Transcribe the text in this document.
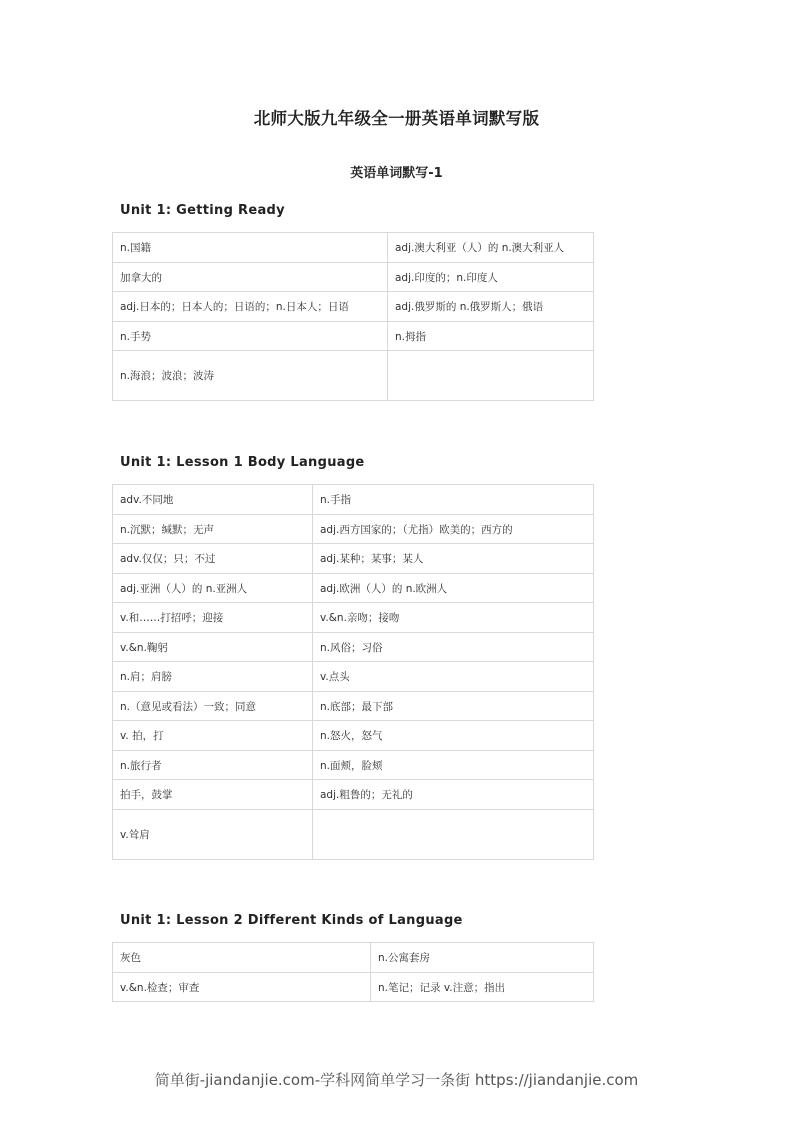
北师大版九年级全一册英语单词默写版
英语单词默写-1
Unit 1: Getting Ready
n.国籍	adj.澳大利亚（人）的 n.澳大利亚人
加拿大的	adj.印度的；n.印度人
adj.日本的；日本人的；日语的；n.日本人；日语	adj.俄罗斯的 n.俄罗斯人；俄语
n.手势	n.拇指
n.海浪；波浪；波涛	
Unit 1: Lesson 1 Body Language
adv.不同地	n.手指
n.沉默；缄默；无声	adj.西方国家的；（尤指）欧美的；西方的
adv.仅仅；只；不过	adj.某种；某事；某人
adj.亚洲（人）的 n.亚洲人	adj.欧洲（人）的 n.欧洲人
v.和……打招呼；迎接	v.&n.亲吻；接吻
v.&n.鞠躬	n.风俗；习俗
n.肩；肩膀	v.点头
n.（意见或看法）一致；同意	n.底部；最下部
v. 拍，打	n.怒火，怒气
n.旅行者	n.面颊，脸颊
拍手，鼓掌	adj.粗鲁的；无礼的
v.耸肩	
Unit 1: Lesson 2 Different Kinds of Language
灰色	n.公寓套房
v.&n.检查；审查	n.笔记；记录 v.注意；指出
简单街-jiandanjie.com-学科网简单学习一条街 https://jiandanjie.com
